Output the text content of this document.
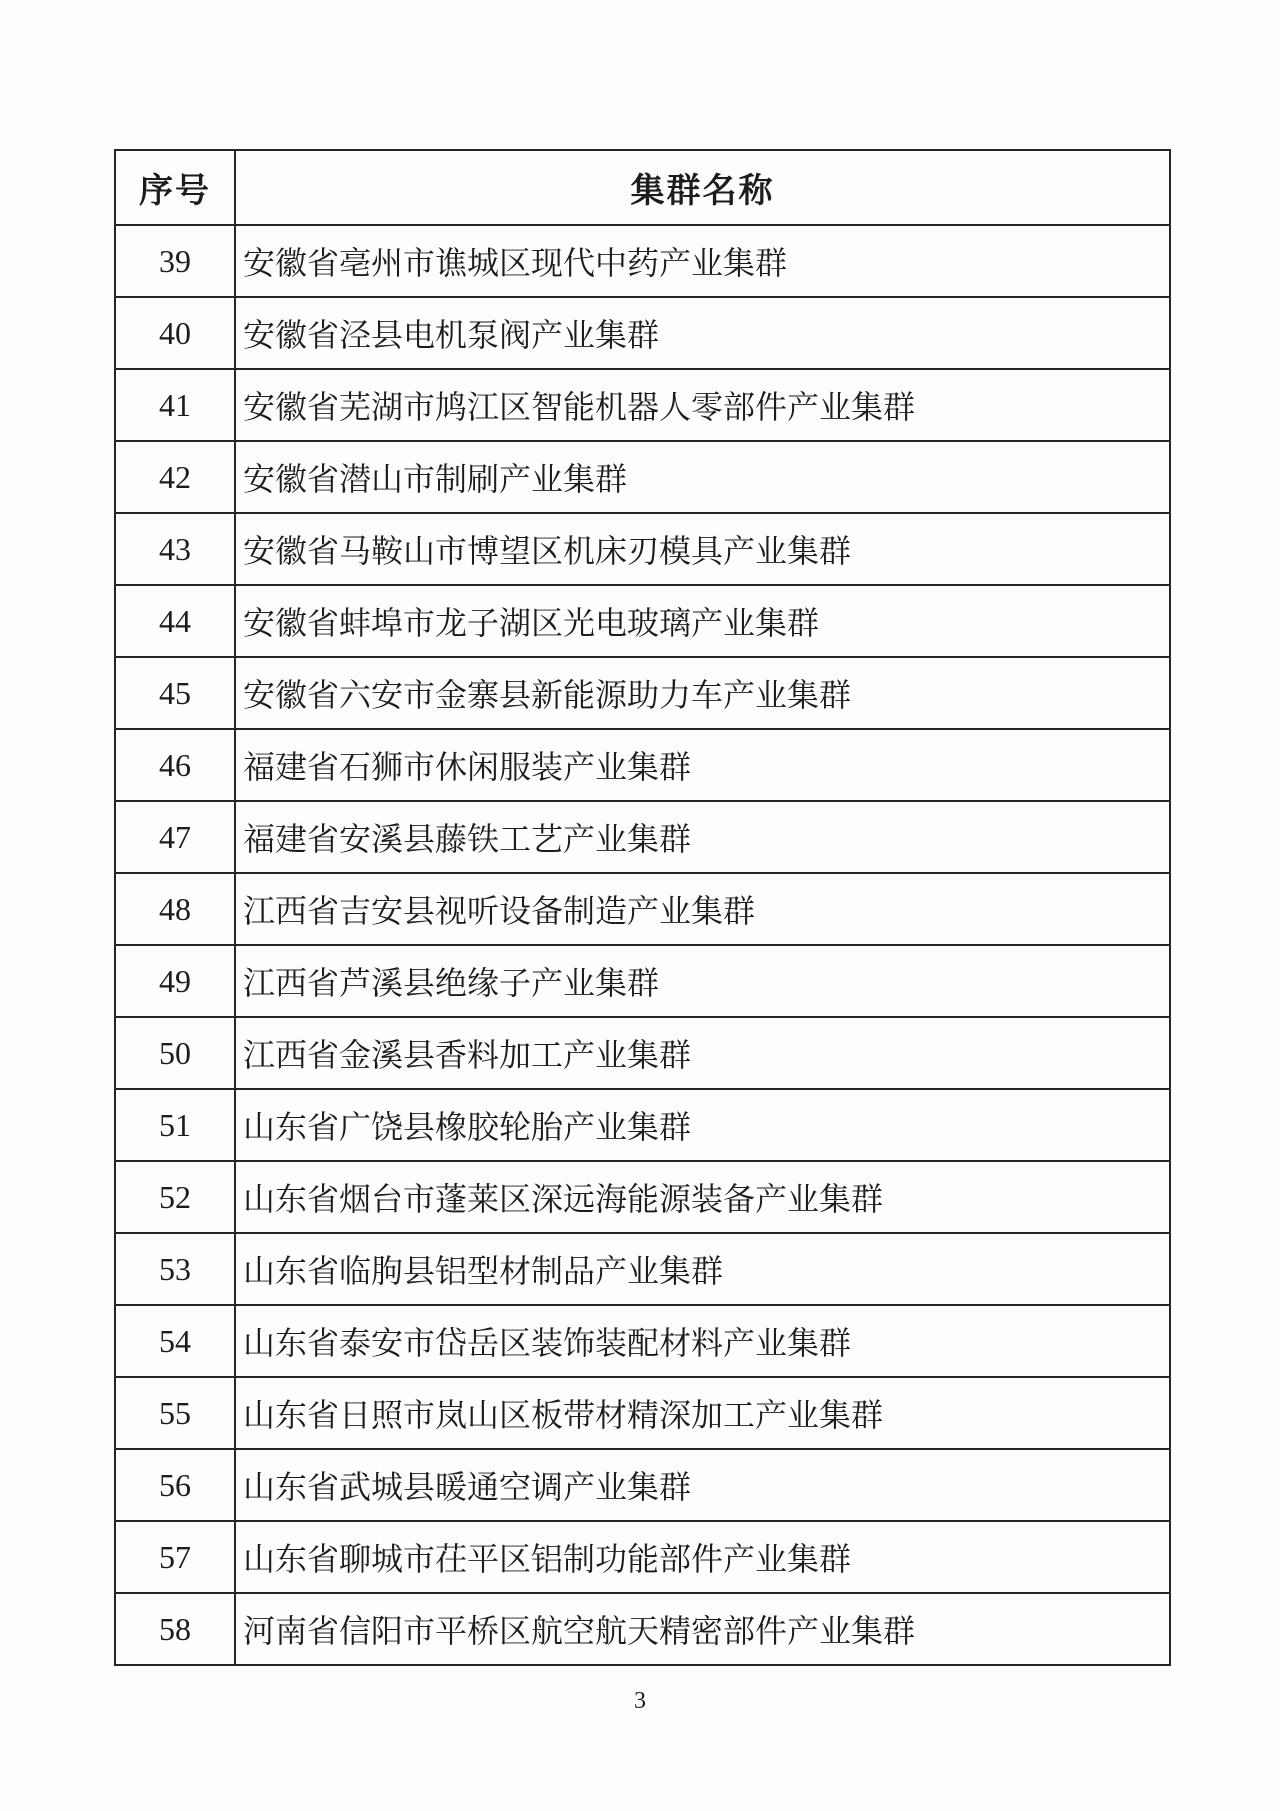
序号	集群名称
39	安徽省亳州市谯城区现代中药产业集群
40	安徽省泾县电机泵阀产业集群
41	安徽省芜湖市鸠江区智能机器人零部件产业集群
42	安徽省潜山市制刷产业集群
43	安徽省马鞍山市博望区机床刃模具产业集群
44	安徽省蚌埠市龙子湖区光电玻璃产业集群
45	安徽省六安市金寨县新能源助力车产业集群
46	福建省石狮市休闲服装产业集群
47	福建省安溪县藤铁工艺产业集群
48	江西省吉安县视听设备制造产业集群
49	江西省芦溪县绝缘子产业集群
50	江西省金溪县香料加工产业集群
51	山东省广饶县橡胶轮胎产业集群
52	山东省烟台市蓬莱区深远海能源装备产业集群
53	山东省临朐县铝型材制品产业集群
54	山东省泰安市岱岳区装饰装配材料产业集群
55	山东省日照市岚山区板带材精深加工产业集群
56	山东省武城县暖通空调产业集群
57	山东省聊城市茌平区铝制功能部件产业集群
58	河南省信阳市平桥区航空航天精密部件产业集群
3
